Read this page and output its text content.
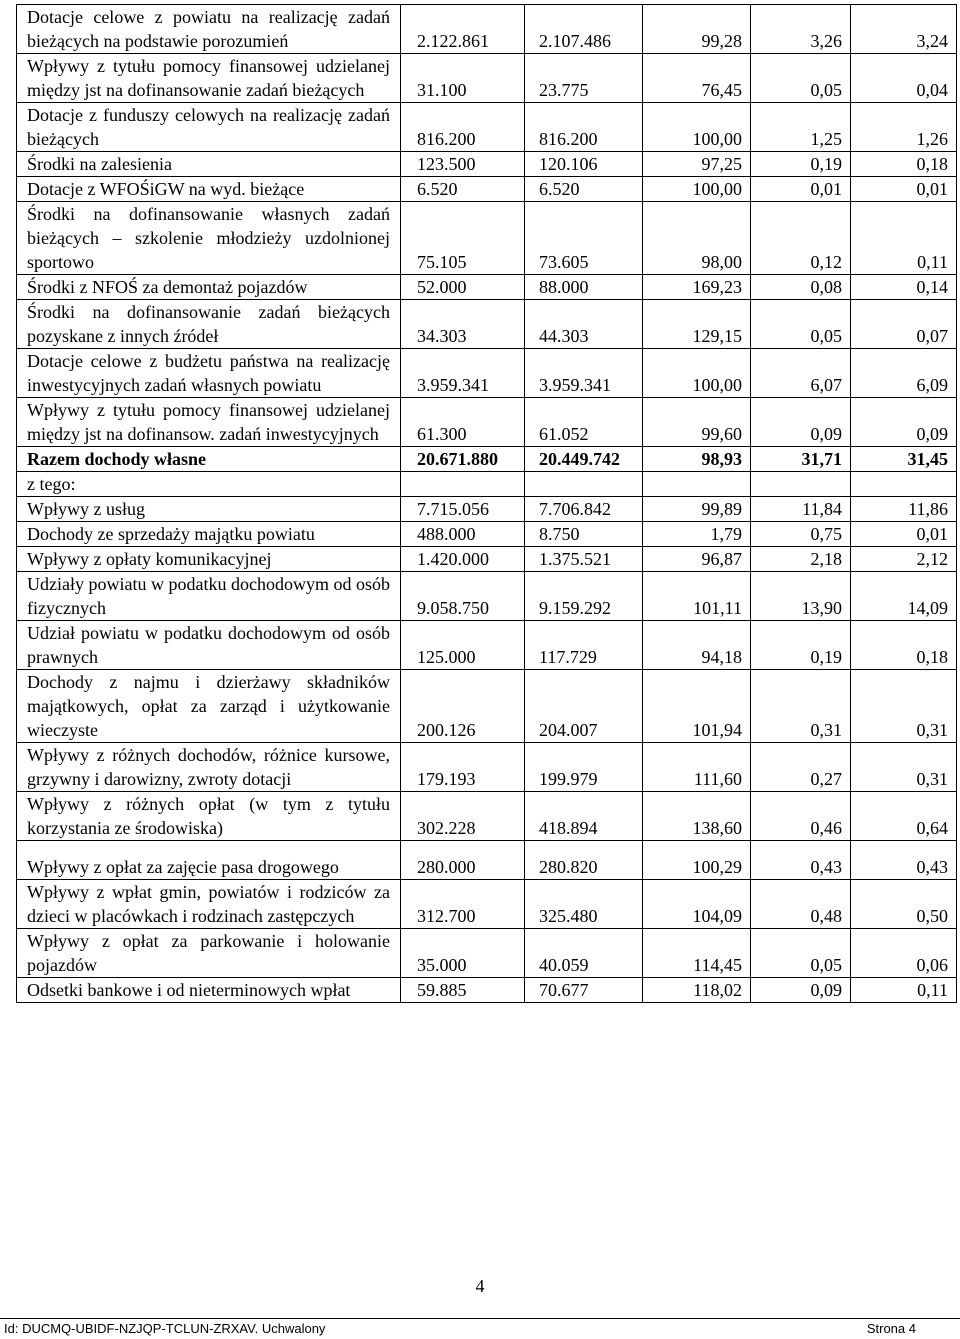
Dotacje celowe z powiatu na realizację zadań bieżących na podstawie porozumień	2.122.861	2.107.486	99,28	3,26	3,24
Wpływy z tytułu pomocy finansowej udzielanej między jst na dofinansowanie zadań bieżących	31.100	23.775	76,45	0,05	0,04
Dotacje z funduszy celowych na realizację zadań bieżących	816.200	816.200	100,00	1,25	1,26
Środki na zalesienia	123.500	120.106	97,25	0,19	0,18
Dotacje z WFOŚiGW na wyd. bieżące	6.520	6.520	100,00	0,01	0,01
Środki na dofinansowanie własnych zadań bieżących – szkolenie młodzieży uzdolnionej sportowo	75.105	73.605	98,00	0,12	0,11
Środki z NFOŚ za demontaż pojazdów	52.000	88.000	169,23	0,08	0,14
Środki na dofinansowanie zadań bieżących pozyskane z innych źródeł	34.303	44.303	129,15	0,05	0,07
Dotacje celowe z budżetu państwa na realizację inwestycyjnych zadań własnych powiatu	3.959.341	3.959.341	100,00	6,07	6,09
Wpływy z tytułu pomocy finansowej udzielanej między jst na dofinansow. zadań inwestycyjnych	61.300	61.052	99,60	0,09	0,09
Razem dochody własne	20.671.880	20.449.742	98,93	31,71	31,45
z tego:					
Wpływy z usług	7.715.056	7.706.842	99,89	11,84	11,86
Dochody ze sprzedaży majątku powiatu	488.000	8.750	1,79	0,75	0,01
Wpływy z opłaty komunikacyjnej	1.420.000	1.375.521	96,87	2,18	2,12
Udziały powiatu w podatku dochodowym od osób fizycznych	9.058.750	9.159.292	101,11	13,90	14,09
Udział powiatu w podatku dochodowym od osób prawnych	125.000	117.729	94,18	0,19	0,18
Dochody z najmu i dzierżawy składników majątkowych, opłat za zarząd i użytkowanie wieczyste	200.126	204.007	101,94	0,31	0,31
Wpływy z różnych dochodów, różnice kursowe, grzywny i darowizny, zwroty dotacji	179.193	199.979	111,60	0,27	0,31
Wpływy z różnych opłat (w tym z tytułu korzystania ze środowiska)	302.228	418.894	138,60	0,46	0,64
Wpływy z opłat za zajęcie pasa drogowego	280.000	280.820	100,29	0,43	0,43
Wpływy z wpłat gmin, powiatów i rodziców za dzieci w placówkach i rodzinach zastępczych	312.700	325.480	104,09	0,48	0,50
Wpływy z opłat za parkowanie i holowanie pojazdów	35.000	40.059	114,45	0,05	0,06
Odsetki bankowe i od nieterminowych wpłat	59.885	70.677	118,02	0,09	0,11
4
Id: DUCMQ-UBIDF-NZJQP-TCLUN-ZRXAV. Uchwalony	Strona 4
